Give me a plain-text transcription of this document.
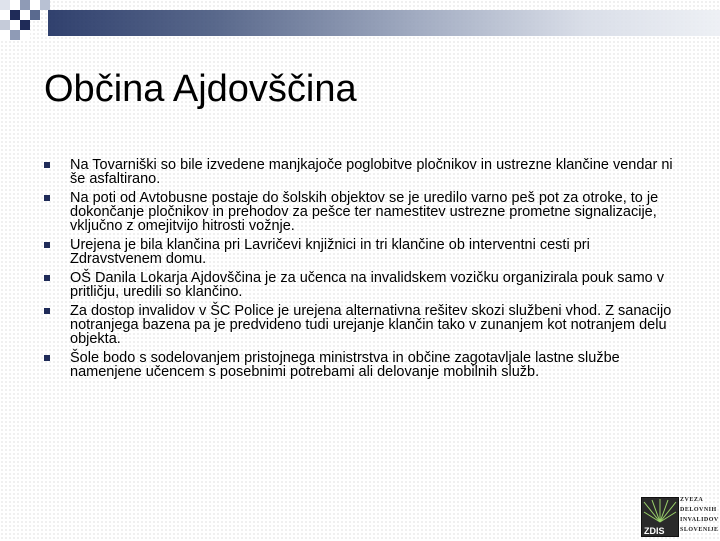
Občina Ajdovščina
Na Tovarniški so bile izvedene manjkajoče poglobitve pločnikov in ustrezne klančine vendar ni še asfaltirano.
Na poti od Avtobusne postaje do šolskih objektov se je uredilo varno peš pot za otroke, to je dokončanje pločnikov in prehodov za pešce ter namestitev ustrezne prometne signalizacije, vključno z omejitvijo hitrosti vožnje.
Urejena je bila klančina pri Lavričevi knjižnici in tri klančine ob interventni cesti pri Zdravstvenem domu.
OŠ Danila Lokarja Ajdovščina je za učenca na invalidskem vozičku organizirala pouk samo v pritličju, uredili so klančino.
Za dostop invalidov v ŠC Police je urejena alternativna rešitev skozi službeni vhod. Z sanacijo notranjega bazena pa je predvideno tudi urejanje klančin tako v zunanjem kot notranjem delu objekta.
Šole bodo s sodelovanjem pristojnega ministrstva in občine zagotavljale lastne službe namenjene učencem s posebnimi potrebami ali delovanje mobilnih služb.
ZDIS
ZVEZA
DELOVNIH
INVALIDOV
SLOVENIJE
